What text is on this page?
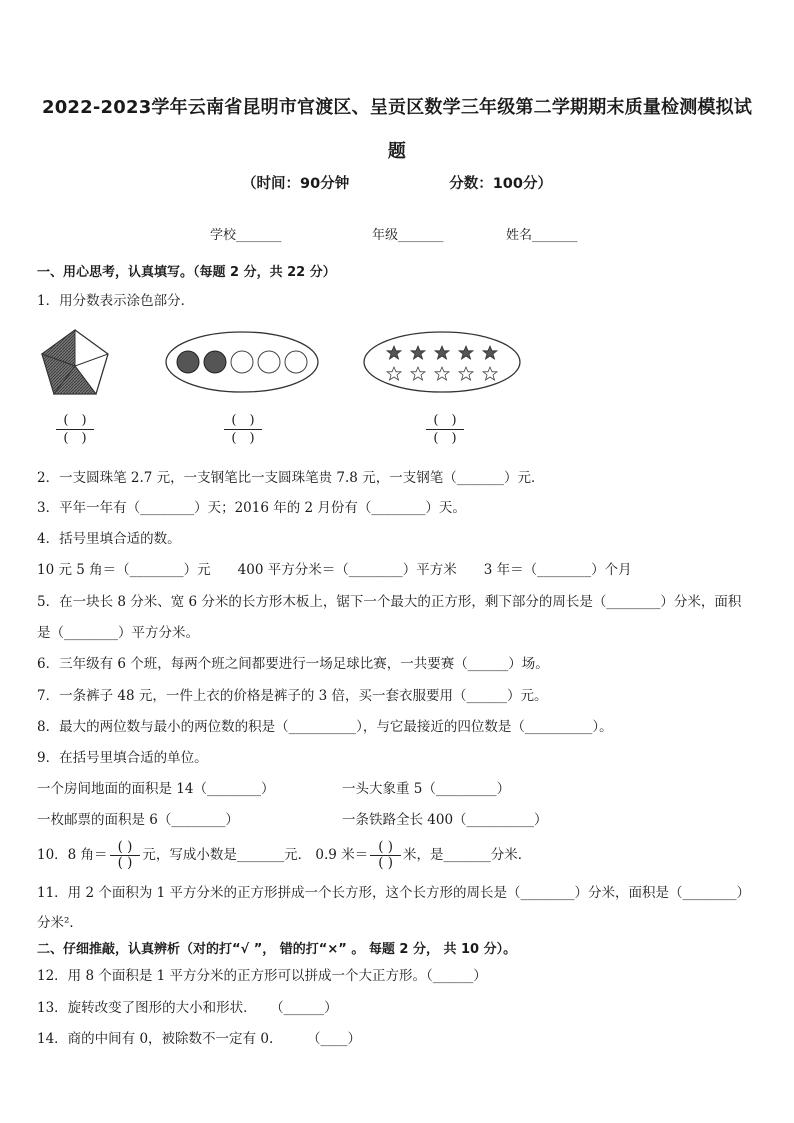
2022-2023学年云南省昆明市官渡区、呈贡区数学三年级第二学期期末质量检测模拟试
题
（时间：90分钟	分数：100分）
学校_______	年级_______	姓名_______
一、用心思考，认真填写。（每题 2 分，共 22 分）
1．用分数表示涂色部分．
(　)
(　)
(　)
(　)
(　)
(　)
2．一支圆珠笔 2.7 元，一支钢笔比一支圆珠笔贵 7.8 元，一支钢笔（_______）元．
3．平年一年有（________）天；2016 年的 2 月份有（________）天。
4．括号里填合适的数。
10 元 5 角＝（________）元　　400 平方分米＝（________）平方米　　3 年＝（________）个月
5．在一块长 8 分米、宽 6 分米的长方形木板上，锯下一个最大的正方形，剩下部分的周长是（________）分米，面积
是（________）平方分米。
6．三年级有 6 个班，每两个班之间都要进行一场足球比赛，一共要赛（______）场。
7．一条裤子 48 元，一件上衣的价格是裤子的 3 倍，买一套衣服要用（______）元。
8．最大的两位数与最小的两位数的积是（__________），与它最接近的四位数是（__________）。
9．在括号里填合适的单位。
一个房间地面的面积是 14（________）	一头大象重 5（_________）
一枚邮票的面积是 6（________）	一条铁路全长 400（__________）
10．8 角＝ $\frac{( )}{( )}$ 元，写成小数是_______元． 0.9 米＝ $\frac{( )}{( )}$ 米，是_______分米．
11．用 2 个面积为 1 平方分米的正方形拼成一个长方形，这个长方形的周长是（________）分米，面积是（________）
分米²．
二、仔细推敲，认真辨析（对的打“√ ”， 错的打“×” 。 每题 2 分， 共 10 分）。
12．用 8 个面积是 1 平方分米的正方形可以拼成一个大正方形。（______）
13．旋转改变了图形的大小和形状．　　（______）
14．商的中间有 0，被除数不一定有 0.　　　（____）
